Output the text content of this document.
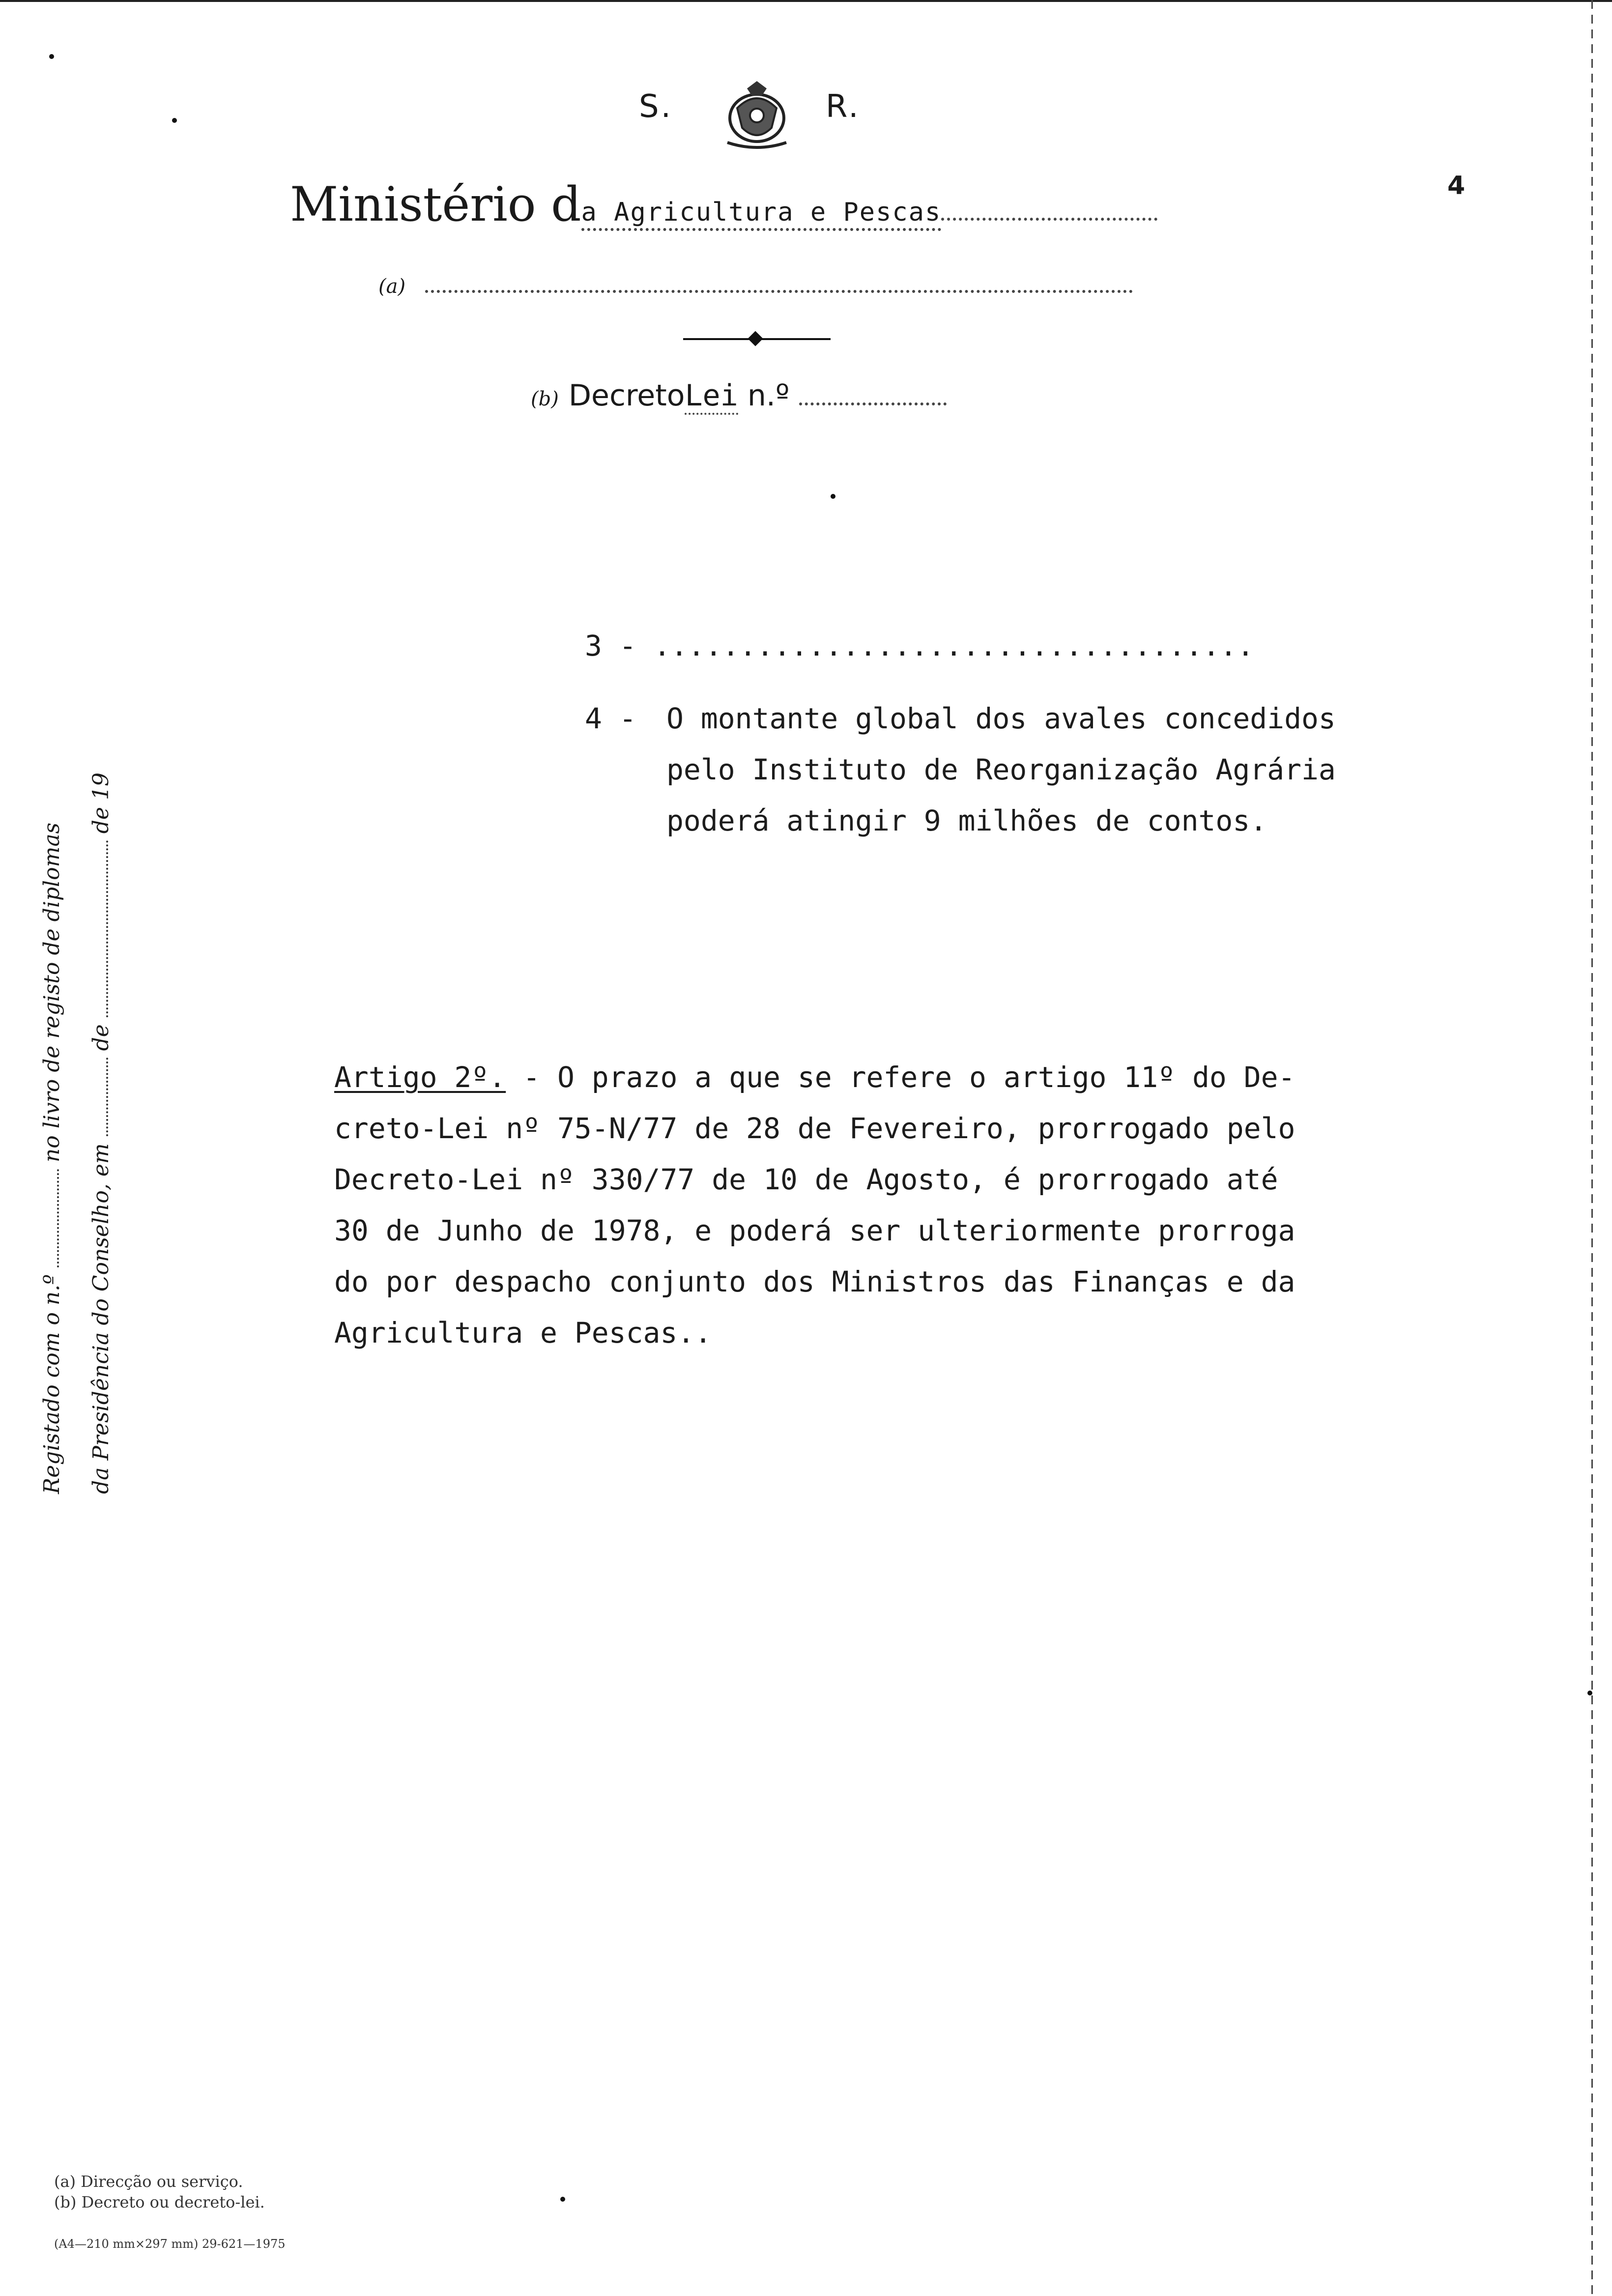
S.	R.
Ministério da Agricultura e Pescas
4
(a)
(b) DecretoLei n.º
3 - ...................................
4 - O montante global dos avales concedidos
pelo Instituto de Reorganização Agrária
poderá atingir 9 milhões de contos.
Artigo 2º. - O prazo a que se refere o artigo 11º do De-
creto-Lei nº 75-N/77 de 28 de Fevereiro, prorrogado pelo
Decreto-Lei nº 330/77 de 10 de Agosto, é prorrogado até
30 de Junho de 1978, e poderá ser ulteriormente prorroga
do por despacho conjunto dos Ministros das Finanças e da
Agricultura e Pescas..
Registado com o n.º  no livro de registo de diplomas
da Presidência do Conselho, em  de  de 19
(a) Direcção ou serviço.
(b) Decreto ou decreto-lei.
(A4—210 mm×297 mm) 29-621—1975
